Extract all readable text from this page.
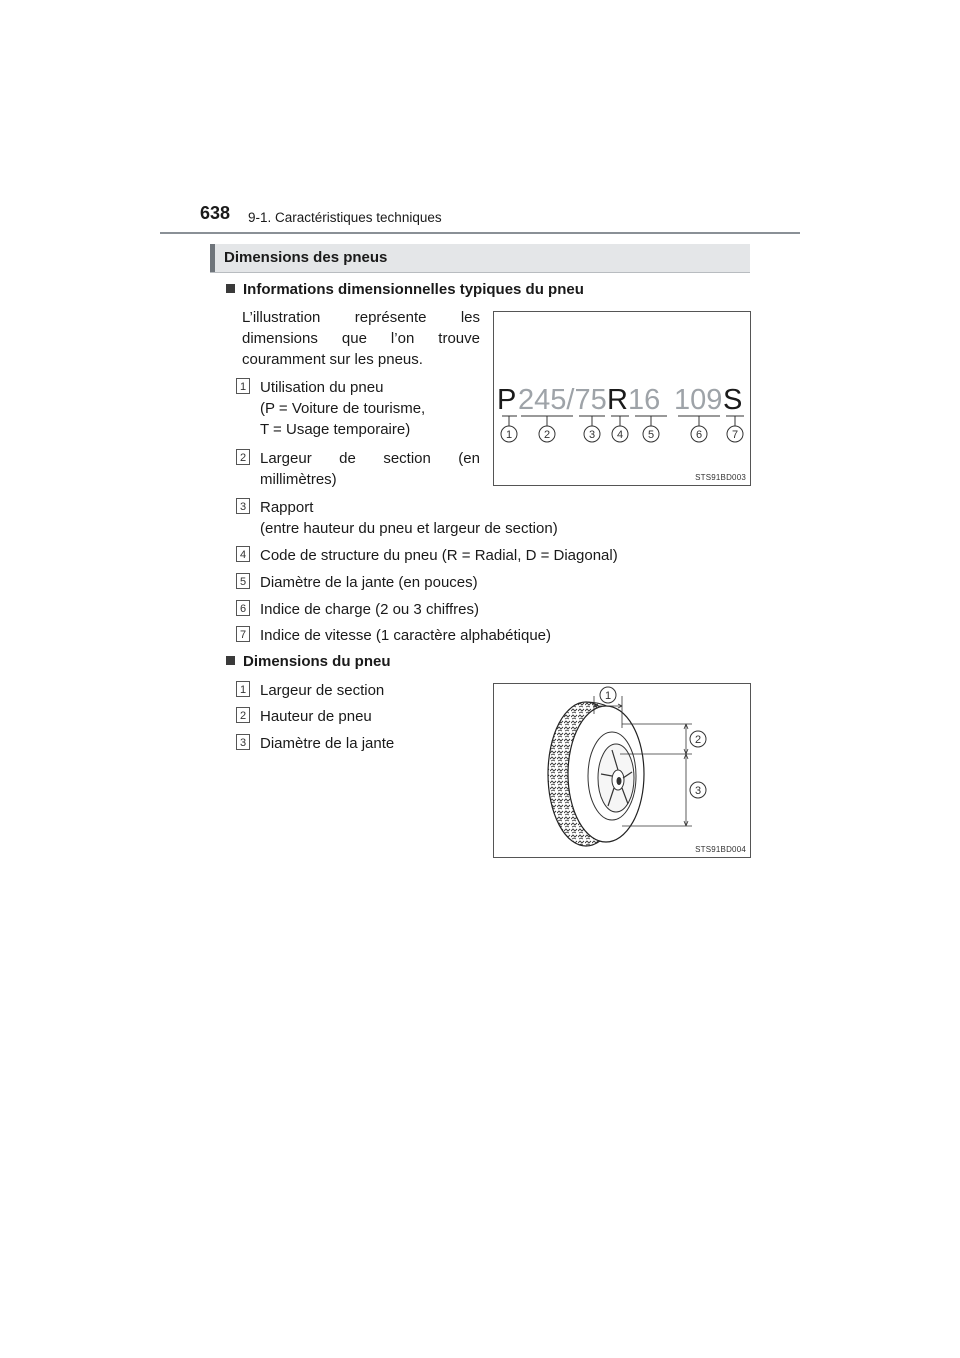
638 9-1. Caractéristiques techniques
Dimensions des pneus
Informations dimensionnelles typiques du pneu
L’illustration représente les
dimensions que l’on trouve
couramment sur les pneus.
1 Utilisation du pneu
(P = Voiture de tourisme,
T = Usage temporaire)
2 Largeur de section (en
millimètres)
3 Rapport
(entre hauteur du pneu et largeur de section)
4 Code de structure du pneu (R = Radial, D = Diagonal)
5 Diamètre de la jante (en pouces)
6 Indice de charge (2 ou 3 chiffres)
7 Indice de vitesse (1 caractère alphabétique)
P 245/75 R 16 109 S
1	2	3 4 5	6	7
STS91BD003
Dimensions du pneu
1 Largeur de section
2 Hauteur de pneu
3 Diamètre de la jante
1
2
3
STS91BD004
